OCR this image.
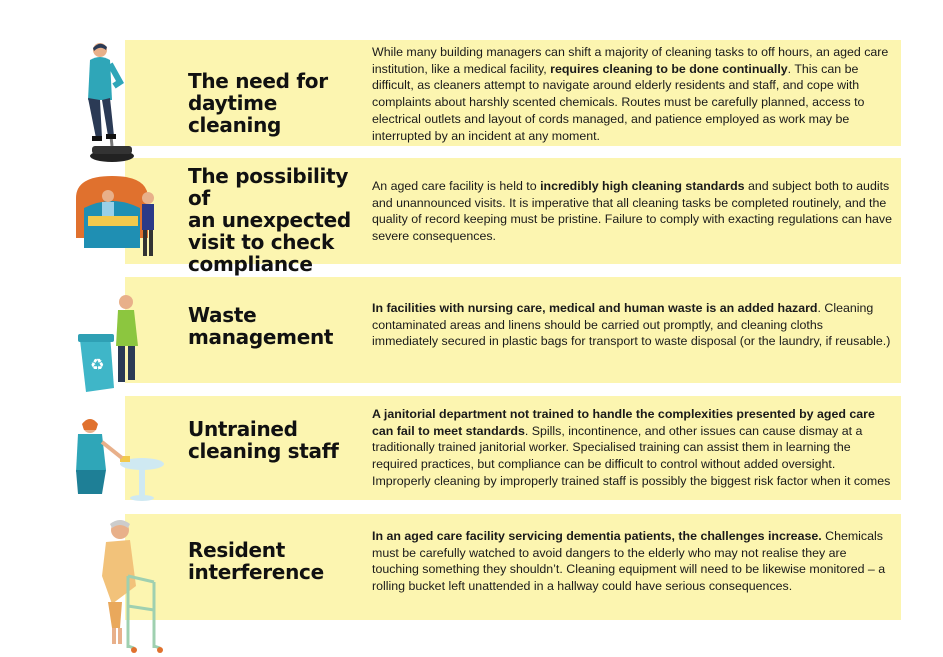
The need for
daytime cleaning

While many building managers can shift a majority of cleaning tasks to off hours, an aged care institution, like a medical facility, requires cleaning to be done continually. This can be difficult, as cleaners attempt to navigate around elderly residents and staff, and cope with complaints about harshly scented chemicals. Routes must be carefully planned, access to electrical outlets and layout of cords managed, and patience employed as work may be interrupted by an incident at any moment.

The possibility of
an unexpected
visit to check
compliance

An aged care facility is held to incredibly high cleaning standards and subject both to audits and unannounced visits. It is imperative that all cleaning tasks be completed routinely, and the quality of record keeping must be pristine. Failure to comply with exacting regulations can have severe consequences.

Waste
management

In facilities with nursing care, medical and human waste is an added hazard. Cleaning contaminated areas and linens should be carried out promptly, and cleaning cloths immediately secured in plastic bags for transport to waste disposal (or the laundry, if reusable.)

Untrained
cleaning staff

A janitorial department not trained to handle the complexities presented by aged care can fail to meet standards. Spills, incontinence, and other issues can cause dismay at a traditionally trained janitorial worker. Specialised training can assist them in learning the required practices, but compliance can be difficult to control without added oversight. Improperly cleaning by improperly trained staff is possibly the biggest risk factor when it comes

Resident
interference

In an aged care facility servicing dementia patients, the challenges increase. Chemicals must be carefully watched to avoid dangers to the elderly who may not realise they are touching something they shouldn’t. Cleaning equipment will need to be likewise monitored – a rolling bucket left unattended in a hallway could have serious consequences.

♻
